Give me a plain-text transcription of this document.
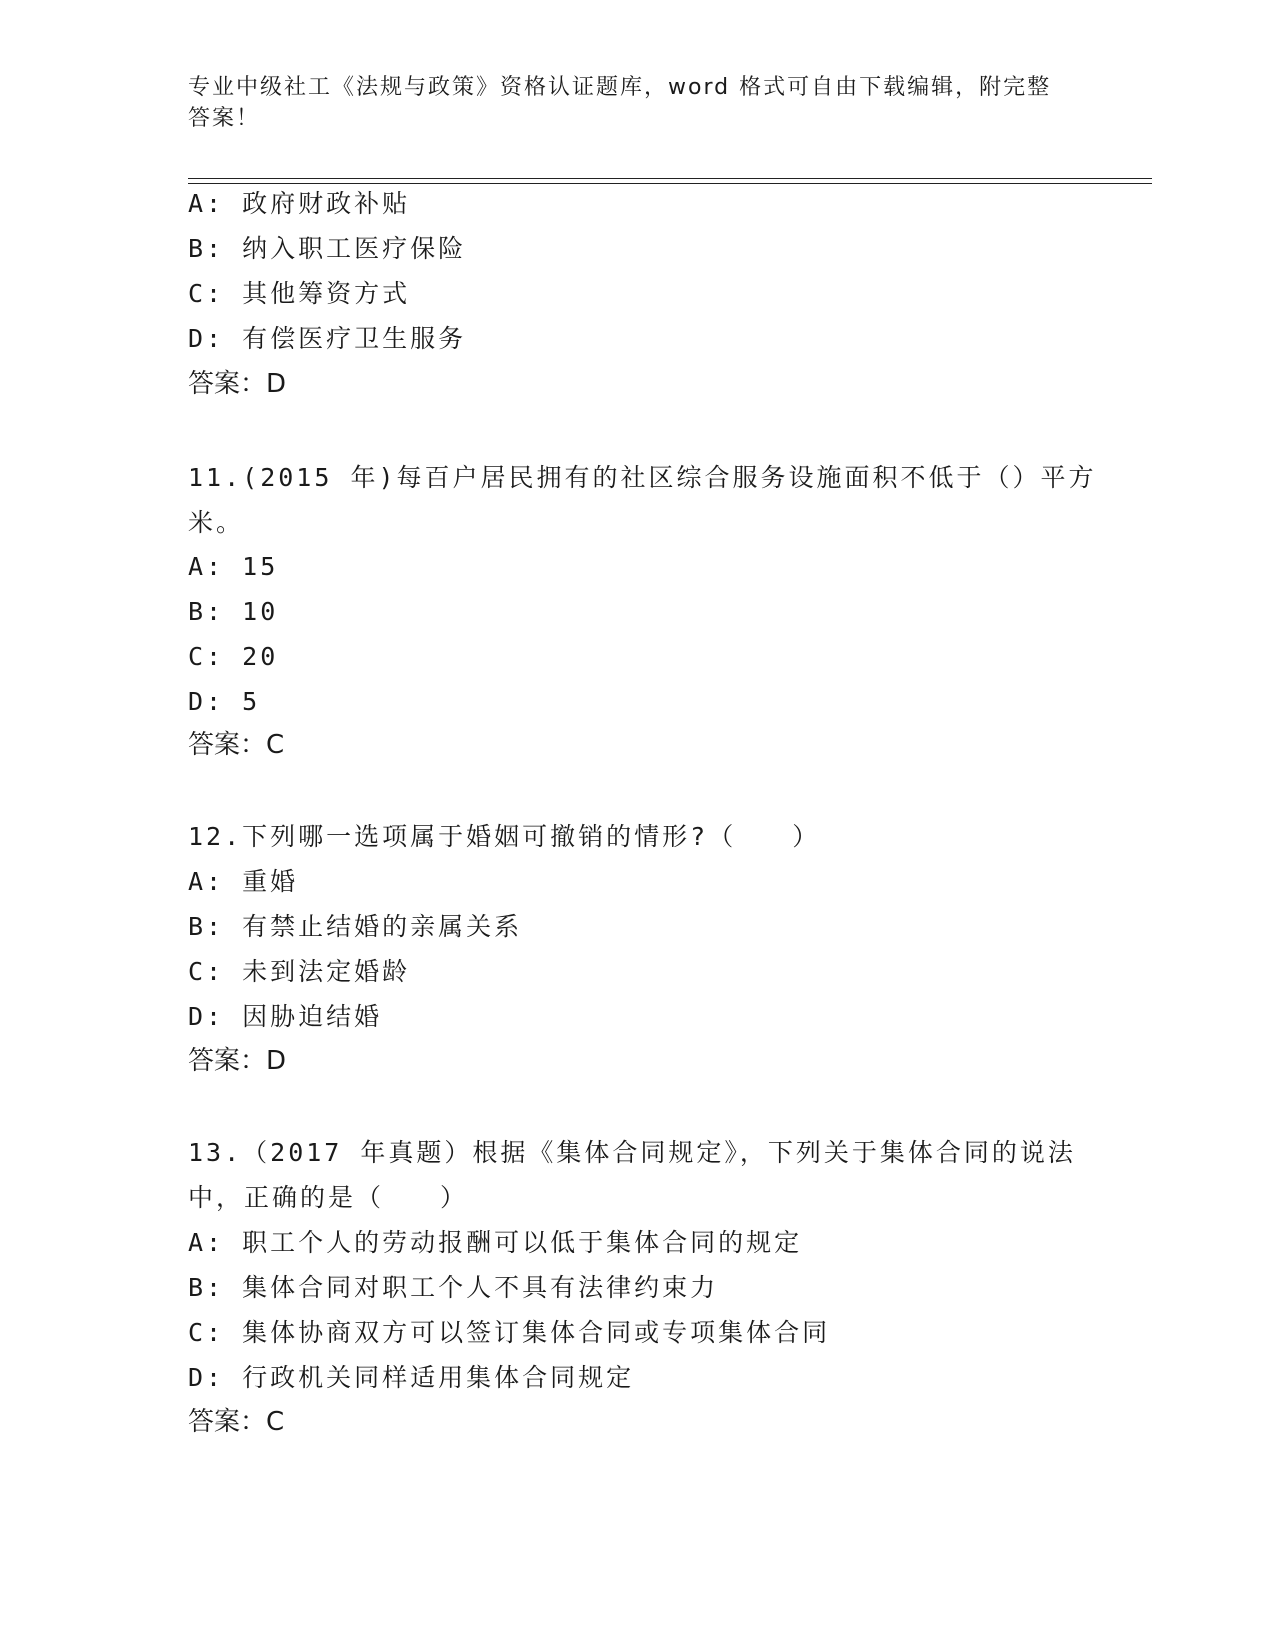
专业中级社工《法规与政策》资格认证题库，word 格式可自由下载编辑，附完整
答案！
A: 政府财政补贴
B: 纳入职工医疗保险
C: 其他筹资方式
D: 有偿医疗卫生服务
答案：D
11.(2015 年)每百户居民拥有的社区综合服务设施面积不低于（）平方
米。
A: 15
B: 10
C: 20
D: 5
答案：C
12.下列哪一选项属于婚姻可撤销的情形?（　　）
A: 重婚
B: 有禁止结婚的亲属关系
C: 未到法定婚龄
D: 因胁迫结婚
答案：D
13.（2017 年真题）根据《集体合同规定》，下列关于集体合同的说法
中，正确的是（　　）
A: 职工个人的劳动报酬可以低于集体合同的规定
B: 集体合同对职工个人不具有法律约束力
C: 集体协商双方可以签订集体合同或专项集体合同
D: 行政机关同样适用集体合同规定
答案：C
